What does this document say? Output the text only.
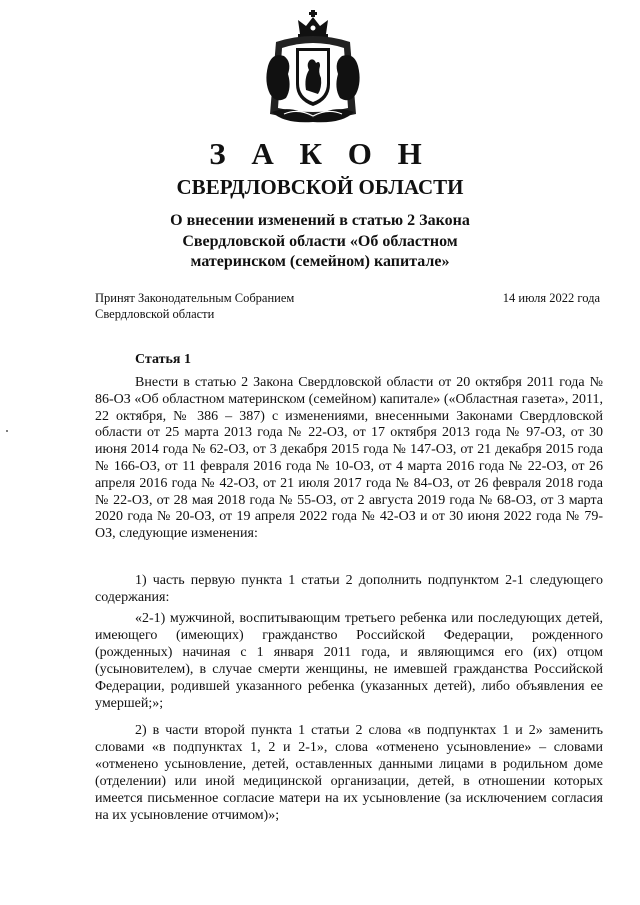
З А К О Н
СВЕРДЛОВСКОЙ ОБЛАСТИ
О внесении изменений в статью 2 Закона
Свердловской области «Об областном
материнском (семейном) капитале»
Принят Законодательным Собранием
Свердловской области
14 июля 2022 года
Статья 1

Внести в статью 2 Закона Свердловской области от 20 октября 2011 года № 86-ОЗ «Об областном материнском (семейном) капитале» («Областная газета», 2011, 22 октября, № 386 – 387) с изменениями, внесенными Законами Свердловской области от 25 марта 2013 года № 22-ОЗ, от 17 октября 2013 года № 97-ОЗ, от 30 июня 2014 года № 62-ОЗ, от 3 декабря 2015 года № 147-ОЗ, от 21 декабря 2015 года № 166-ОЗ, от 11 февраля 2016 года № 10-ОЗ, от 4 марта 2016 года № 22-ОЗ, от 26 апреля 2016 года № 42-ОЗ, от 21 июля 2017 года № 84-ОЗ, от 26 февраля 2018 года № 22-ОЗ, от 28 мая 2018 года № 55-ОЗ, от 2 августа 2019 года № 68-ОЗ, от 3 марта 2020 года № 20-ОЗ, от 19 апреля 2022 года № 42-ОЗ и от 30 июня 2022 года № 79-ОЗ, следующие изменения:

1) часть первую пункта 1 статьи 2 дополнить подпунктом 2-1 следующего содержания:

«2-1) мужчиной, воспитывающим третьего ребенка или последующих детей, имеющего (имеющих) гражданство Российской Федерации, рожденного (рожденных) начиная с 1 января 2011 года, и являющимся его (их) отцом (усыновителем), в случае смерти женщины, не имевшей гражданства Российской Федерации, родившей указанного ребенка (указанных детей), либо объявления ее умершей;»;

2) в части второй пункта 1 статьи 2 слова «в подпунктах 1 и 2» заменить словами «в подпунктах 1, 2 и 2-1», слова «отменено усыновление» – словами «отменено усыновление, детей, оставленных данными лицами в родильном доме (отделении) или иной медицинской организации, детей, в отношении которых имеется письменное согласие матери на их усыновление (за исключением согласия на их усыновление отчимом)»;
